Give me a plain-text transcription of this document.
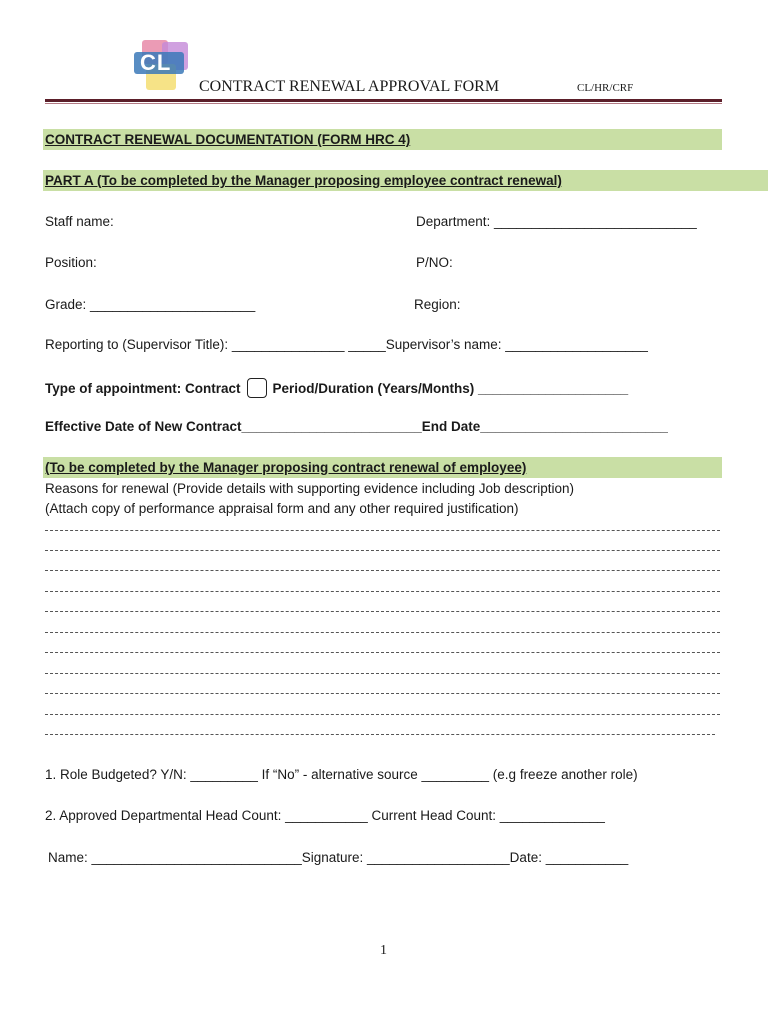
CL
CONTRACT RENEWAL APPROVAL FORM	CL/HR/CRF
CONTRACT RENEWAL DOCUMENTATION (FORM HRC 4)
PART A (To be completed by the Manager proposing employee contract renewal)
Staff name:	Department: ___________________________
Position:	P/NO:
Grade: ______________________	Region:
Reporting to (Supervisor Title): _______________ _____Supervisor’s name: ___________________
Type of appointment: Contract Period/Duration (Years/Months) ____________________
Effective Date of New Contract________________________End Date_________________________
(To be completed by the Manager proposing contract renewal of employee)
Reasons for renewal (Provide details with supporting evidence including Job description)
(Attach copy of performance appraisal form and any other required justification)
1. Role Budgeted? Y/N: _________ If “No” - alternative source _________ (e.g freeze another role)
2. Approved Departmental Head Count: ___________ Current Head Count: ______________
Name: ____________________________Signature: ___________________Date: ___________
1
